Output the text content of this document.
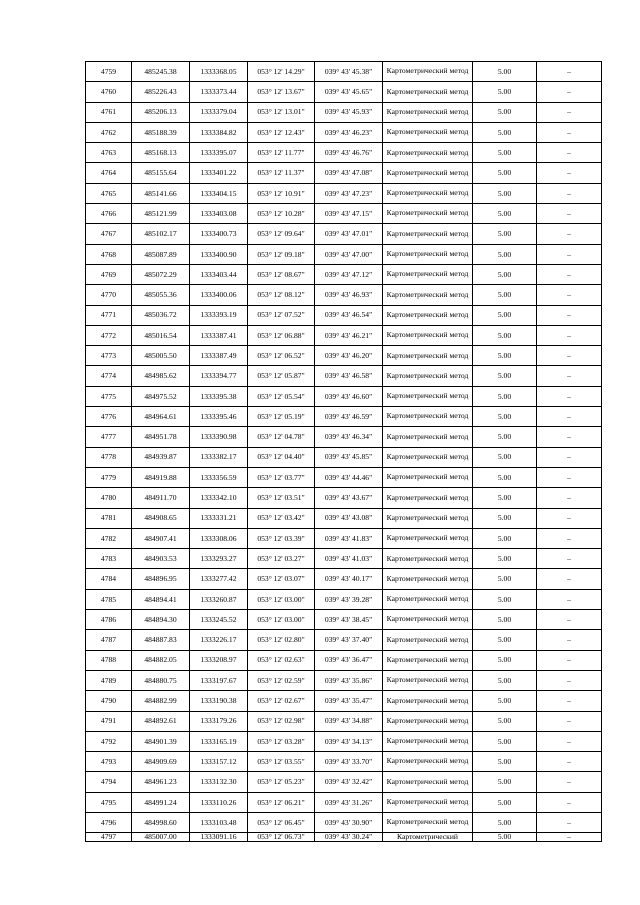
4759	485245.38	1333368.05	053° 12' 14.29"	039° 43' 45.38"	Картометрический метод	5.00	–
4760	485226.43	1333373.44	053° 12' 13.67"	039° 43' 45.65"	Картометрический метод	5.00	–
4761	485206.13	1333379.04	053° 12' 13.01"	039° 43' 45.93"	Картометрический метод	5.00	–
4762	485188.39	1333384.82	053° 12' 12.43"	039° 43' 46.23"	Картометрический метод	5.00	–
4763	485168.13	1333395.07	053° 12' 11.77"	039° 43' 46.76"	Картометрический метод	5.00	–
4764	485155.64	1333401.22	053° 12' 11.37"	039° 43' 47.08"	Картометрический метод	5.00	–
4765	485141.66	1333404.15	053° 12' 10.91"	039° 43' 47.23"	Картометрический метод	5.00	–
4766	485121.99	1333403.08	053° 12' 10.28"	039° 43' 47.15"	Картометрический метод	5.00	–
4767	485102.17	1333400.73	053° 12' 09.64"	039° 43' 47.01"	Картометрический метод	5.00	–
4768	485087.89	1333400.90	053° 12' 09.18"	039° 43' 47.00"	Картометрический метод	5.00	–
4769	485072.29	1333403.44	053° 12' 08.67"	039° 43' 47.12"	Картометрический метод	5.00	–
4770	485055.36	1333400.06	053° 12' 08.12"	039° 43' 46.93"	Картометрический метод	5.00	–
4771	485036.72	1333393.19	053° 12' 07.52"	039° 43' 46.54"	Картометрический метод	5.00	–
4772	485016.54	1333387.41	053° 12' 06.88"	039° 43' 46.21"	Картометрический метод	5.00	–
4773	485005.50	1333387.49	053° 12' 06.52"	039° 43' 46.20"	Картометрический метод	5.00	–
4774	484985.62	1333394.77	053° 12' 05.87"	039° 43' 46.58"	Картометрический метод	5.00	–
4775	484975.52	1333395.38	053° 12' 05.54"	039° 43' 46.60"	Картометрический метод	5.00	–
4776	484964.61	1333395.46	053° 12' 05.19"	039° 43' 46.59"	Картометрический метод	5.00	–
4777	484951.78	1333390.98	053° 12' 04.78"	039° 43' 46.34"	Картометрический метод	5.00	–
4778	484939.87	1333382.17	053° 12' 04.40"	039° 43' 45.85"	Картометрический метод	5.00	–
4779	484919.88	1333356.59	053° 12' 03.77"	039° 43' 44.46"	Картометрический метод	5.00	–
4780	484911.70	1333342.10	053° 12' 03.51"	039° 43' 43.67"	Картометрический метод	5.00	–
4781	484908.65	1333331.21	053° 12' 03.42"	039° 43' 43.08"	Картометрический метод	5.00	–
4782	484907.41	1333308.06	053° 12' 03.39"	039° 43' 41.83"	Картометрический метод	5.00	–
4783	484903.53	1333293.27	053° 12' 03.27"	039° 43' 41.03"	Картометрический метод	5.00	–
4784	484896.95	1333277.42	053° 12' 03.07"	039° 43' 40.17"	Картометрический метод	5.00	–
4785	484894.41	1333260.87	053° 12' 03.00"	039° 43' 39.28"	Картометрический метод	5.00	–
4786	484894.30	1333245.52	053° 12' 03.00"	039° 43' 38.45"	Картометрический метод	5.00	–
4787	484887.83	1333226.17	053° 12' 02.80"	039° 43' 37.40"	Картометрический метод	5.00	–
4788	484882.05	1333208.97	053° 12' 02.63"	039° 43' 36.47"	Картометрический метод	5.00	–
4789	484880.75	1333197.67	053° 12' 02.59"	039° 43' 35.86"	Картометрический метод	5.00	–
4790	484882.99	1333190.38	053° 12' 02.67"	039° 43' 35.47"	Картометрический метод	5.00	–
4791	484892.61	1333179.26	053° 12' 02.98"	039° 43' 34.88"	Картометрический метод	5.00	–
4792	484901.39	1333165.19	053° 12' 03.28"	039° 43' 34.13"	Картометрический метод	5.00	–
4793	484909.69	1333157.12	053° 12' 03.55"	039° 43' 33.70"	Картометрический метод	5.00	–
4794	484961.23	1333132.30	053° 12' 05.23"	039° 43' 32.42"	Картометрический метод	5.00	–
4795	484991.24	1333110.26	053° 12' 06.21"	039° 43' 31.26"	Картометрический метод	5.00	–
4796	484998.60	1333103.48	053° 12' 06.45"	039° 43' 30.90"	Картометрический метод	5.00	–
4797	485007.00	1333091.16	053° 12' 06.73"	039° 43' 30.24"	Картометрический	5.00	–
